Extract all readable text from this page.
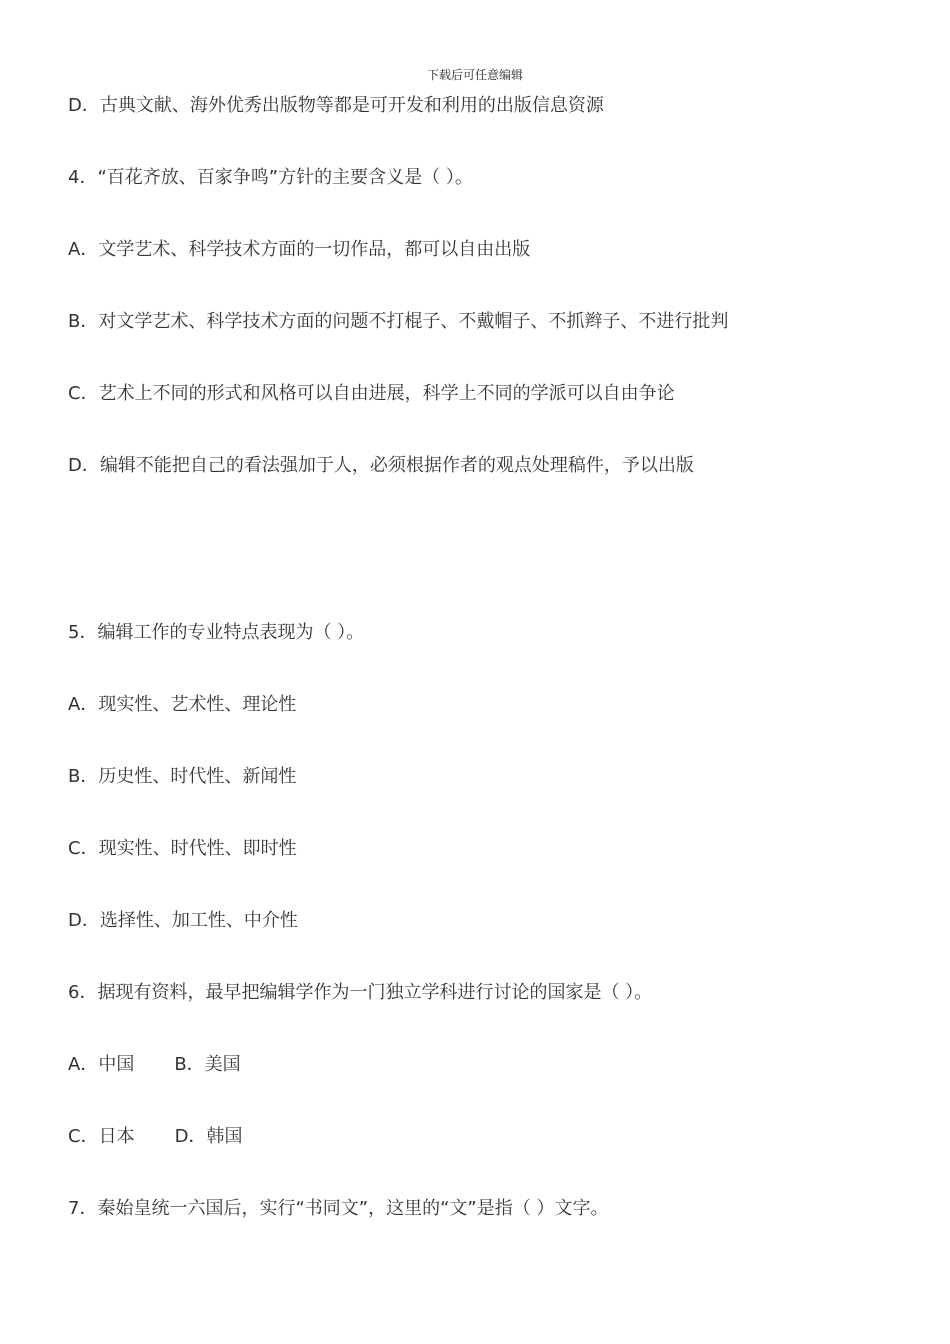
下载后可任意编辑
D．古典文献、海外优秀出版物等都是可开发和利用的出版信息资源
4．“百花齐放、百家争鸣”方针的主要含义是（ ）。
A．文学艺术、科学技术方面的一切作品，都可以自由出版
B．对文学艺术、科学技术方面的问题不打棍子、不戴帽子、不抓辫子、不进行批判
C．艺术上不同的形式和风格可以自由进展，科学上不同的学派可以自由争论
D．编辑不能把自己的看法强加于人，必须根据作者的观点处理稿件，予以出版
5．编辑工作的专业特点表现为（ ）。
A．现实性、艺术性、理论性
B．历史性、时代性、新闻性
C．现实性、时代性、即时性
D．选择性、加工性、中介性
6．据现有资料，最早把编辑学作为一门独立学科进行讨论的国家是（ ）。
A．中国 B．美国
C．日本 D．韩国
7．秦始皇统一六国后，实行“书同文”，这里的“文”是指（ ）文字。
